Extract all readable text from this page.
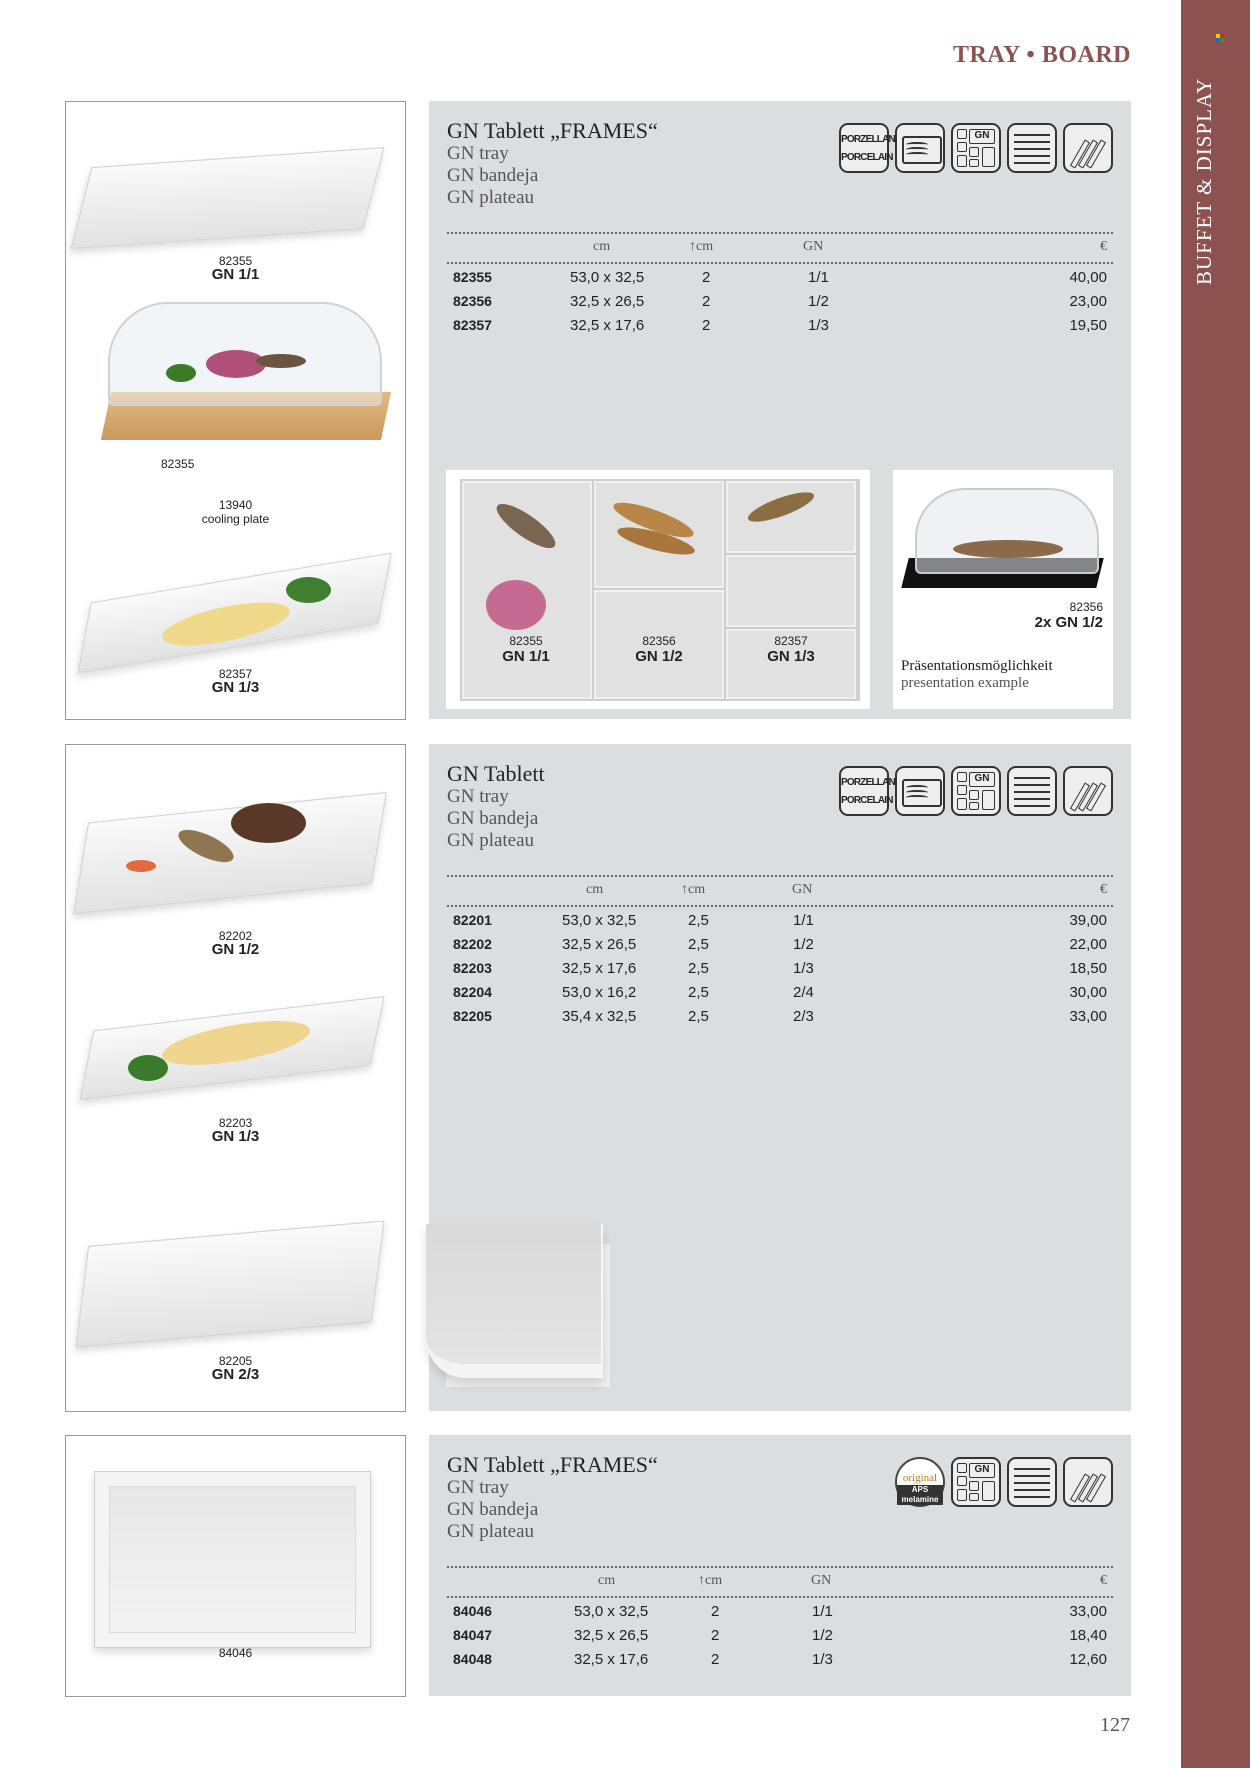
BUFFET & DISPLAY
TRAY • BOARD
82355
GN 1/1
82355
13940
cooling plate
82357
GN 1/3
GN Tablett „FRAMES“
GN tray
GN bandeja
GN plateau
PORZELLAN
PORCELAIN
GN
cm	↑cm	GN	€
82355	53,0 x 32,5	2	1/1	40,00
82356	32,5 x 26,5	2	1/2	23,00
82357	32,5 x 17,6	2	1/3	19,50
82355
GN 1/1
82356
GN 1/2
82357
GN 1/3
82356
2x GN 1/2
Präsentationsmöglichkeit
presentation example
82202
GN 1/2
82203
GN 1/3
82205
GN 2/3
GN Tablett
GN tray
GN bandeja
GN plateau
PORZELLAN
PORCELAIN
GN
cm	↑cm	GN	€
82201	53,0 x 32,5	2,5	1/1	39,00
82202	32,5 x 26,5	2,5	1/2	22,00
82203	32,5 x 17,6	2,5	1/3	18,50
82204	53,0 x 16,2	2,5	2/4	30,00
82205	35,4 x 32,5	2,5	2/3	33,00
84046
GN Tablett „FRAMES“
GN tray
GN bandeja
GN plateau
original
APS
melamine
GN
cm	↑cm	GN	€
84046	53,0 x 32,5	2	1/1	33,00
84047	32,5 x 26,5	2	1/2	18,40
84048	32,5 x 17,6	2	1/3	12,60
127
